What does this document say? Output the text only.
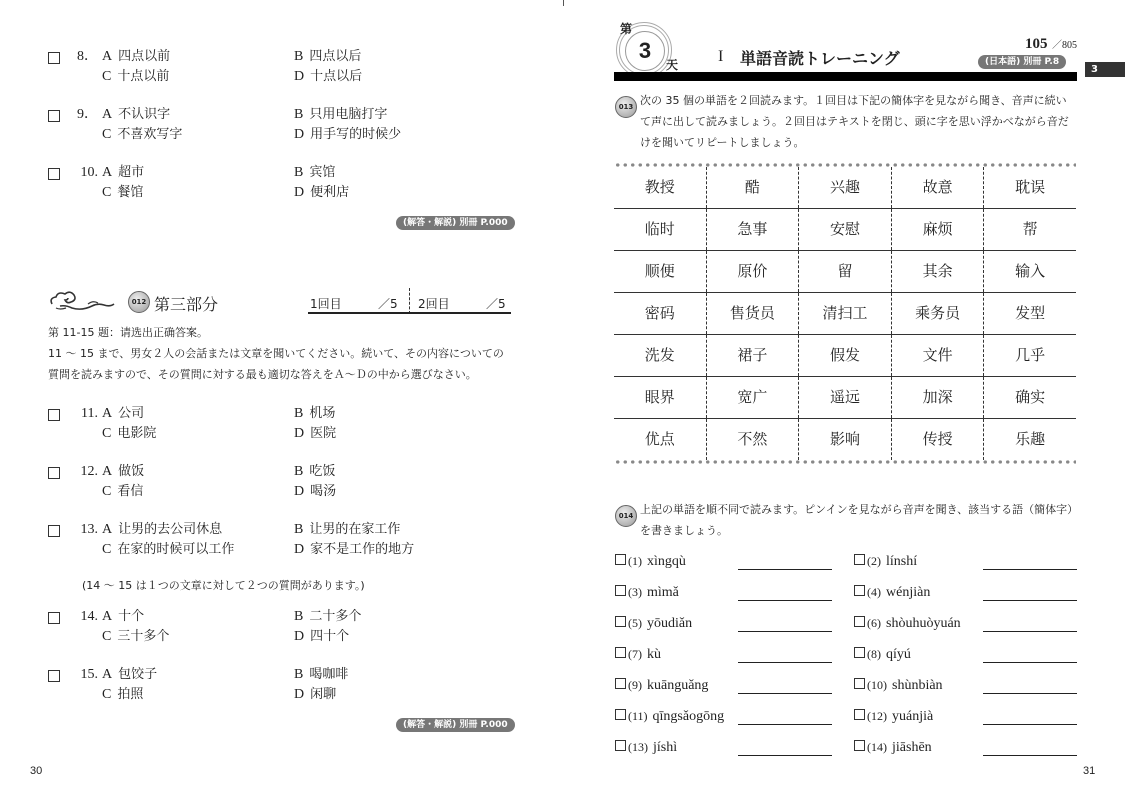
8． A 四点以前	B 四点以后
C 十点以前	D 十点以后
9． A 不认识字	B 只用电脑打字
C 不喜欢写字	D 用手写的时候少
10. A 超市	B 宾馆
C 餐馆	D 便利店
(解答・解説) 別冊 P.000
012 第三部分	1回目	／5 2回目	／5
第 11-15 题：请选出正确答案。
11 ～ 15 まで、男女２人の会話または文章を聞いてください。続いて、その内容についての
質問を読みますので、その質問に対する最も適切な答えをＡ～Ｄの中から選びなさい。
11. A 公司	B 机场
C 电影院	D 医院
12. A 做饭	B 吃饭
C 看信	D 喝汤
13. A 让男的去公司休息	B 让男的在家工作
C 在家的时候可以工作	D 家不是工作的地方
(14 ～ 15 は１つの文章に対して２つの質問があります。)
14. A 十个	B 二十多个
C 三十多个	D 四十个
15. A 包饺子	B 喝咖啡
C 拍照	D 闲聊
(解答・解説) 別冊 P.000
30
3
第
天 I 単語音読トレーニング
105 ／805
(日本語) 別冊 P.8
3
013 次の 35 個の単語を２回読みます。１回目は下記の簡体字を見ながら聞き、音声に続い
て声に出して読みましょう。２回目はテキストを閉じ、頭に字を思い浮かべながら音だ
けを聞いてリピートしましょう。
教授	酷	兴趣	故意	耽误
临时	急事	安慰	麻烦	帮
顺便	原价	留	其余	输入
密码	售货员	清扫工	乘务员	发型
洗发	裙子	假发	文件	几乎
眼界	宽广	遥远	加深	确实
优点	不然	影响	传授	乐趣
014 上記の単語を順不同で読みます。ピンインを見ながら音声を聞き、該当する語（簡体字）
を書きましょう。
(1) xìngqù	(2) línshí
(3) mìmǎ	(4) wénjiàn
(5) yōudiǎn	(6) shòuhuòyuán
(7) kù	(8) qíyú
(9) kuānguǎng	(10) shùnbiàn
(11) qīngsǎogōng	(12) yuánjià
(13) jíshì	(14) jiāshēn
31
